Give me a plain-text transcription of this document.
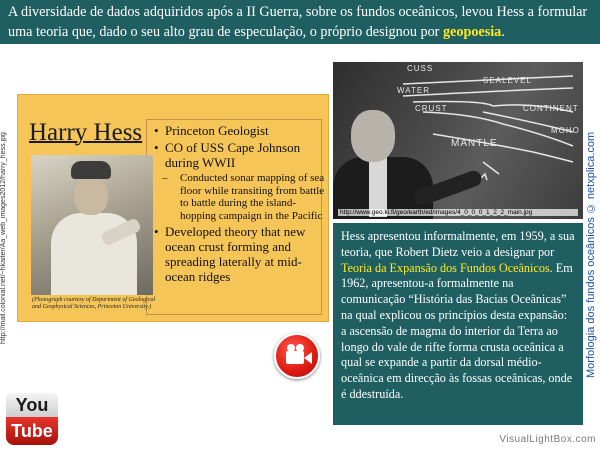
A diversidade de dados adquiridos após a II Guerra, sobre os fundos oceânicos, levou Hess a formular uma teoria que, dado o seu alto grau de especulação, o próprio designou por geopoesia.
http://mail.colonial.net/~hkaiter/Aa_web_images2012/harry_hess.jpg Harry Hess
•	Princeton Geologist
• CO of USS Cape Johnson during WWII
– Conducted sonar mapping of sea floor while transiting from battle to battle during the island-hopping campaign in the Pacific
• Developed theory that new ocean crust forming and spreading laterally at mid-ocean ridges
(Photograph courtesy of Department of Geological and Geophysical Sciences, Princeton University.)
CUSS
SEALEVEL
WATER
CRUST	CONTINENT
MOHO
MANTLE
http://www.geo.ki.fi/geo/earth/ed/images/4_0_0_0_1_2_2_main.jpg
Hess apresentou informalmente, em 1959, a sua teoria, que Robert Dietz veio a designar por Teoria da Expansão dos Fundos Oceânicos. Em 1962, apresentou-a formalmente na comunicação “História das Bacias Oceânicas” na qual explicou os princípios desta expansão: a ascensão de magma do interior da Terra ao longo do vale de rifte forma crusta oceânica a qual se expande a partir da dorsal médio-oceânica em direcção às fossas oceânicas, onde é ddestruída.
Morfologia dos fundos oceânicos © netxplica.com
You
Tube	VisualLightBox.com
